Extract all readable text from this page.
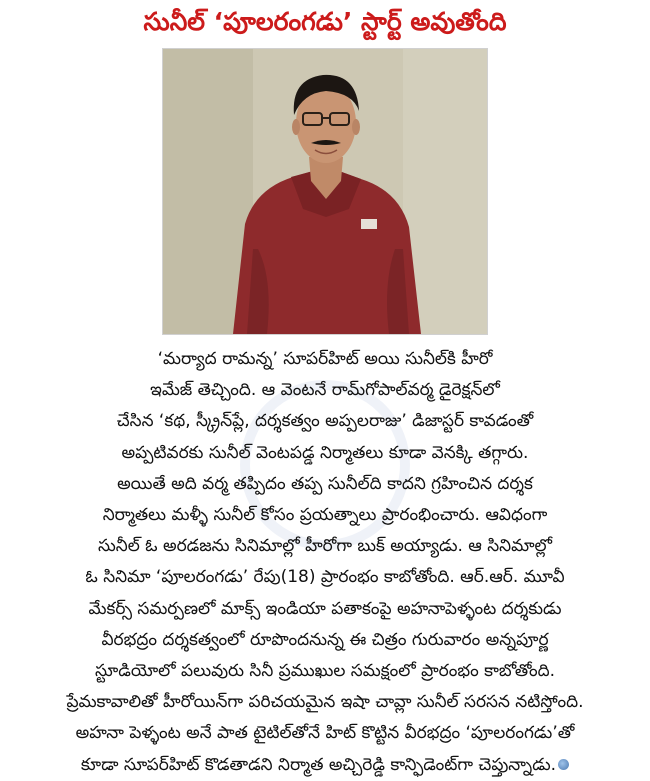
సునీల్ ‘పూలరంగడు’ స్టార్ట్ అవుతోంది
‘మర్యాద రామన్న’ సూపర్‌హిట్ అయి సునీల్‌కి హీరో
ఇమేజ్ తెచ్చింది. ఆ వెంటనే రామ్‌గోపాల్‌వర్మ డైరెక్షన్‌లో
చేసిన ‘కథ, స్క్రీన్‌ప్లే, దర్శకత్వం అప్పలరాజు’ డిజాస్టర్ కావడంతో
అప్పటివరకు సునీల్ వెంటపడ్డ నిర్మాతలు కూడా వెనక్కి తగ్గారు.
అయితే అది వర్మ తప్పిదం తప్ప సునీల్‌ది కాదని గ్రహించిన దర్శక
నిర్మాతలు మళ్ళీ సునీల్ కోసం ప్రయత్నాలు ప్రారంభించారు. ఆవిధంగా
సునీల్ ఓ అరడజను సినిమాల్లో హీరోగా బుక్ అయ్యాడు. ఆ సినిమాల్లో
ఓ సినిమా ‘పూలరంగడు’ రేపు(18) ప్రారంభం కాబోతోంది. ఆర్.ఆర్. మూవీ
మేకర్స్ సమర్పణలో మాక్స్ ఇండియా పతాకంపై అహనాపెళ్ళంట దర్శకుడు
వీరభద్రం దర్శకత్వంలో రూపొందనున్న ఈ చిత్రం గురువారం అన్నపూర్ణ
స్టూడియోలో పలువురు సినీ ప్రముఖుల సమక్షంలో ప్రారంభం కాబోతోంది.
ప్రేమకావాలితో హీరోయిన్‌గా పరిచయమైన ఇషా చావ్లా సునీల్ సరసన నటిస్తోంది.
అహనా పెళ్ళంట అనే పాత టైటిల్‌తోనే హిట్ కొట్టిన వీరభద్రం ‘పూలరంగడు’తో
కూడా సూపర్‌హిట్ కొడతాడని నిర్మాత అచ్చిరెడ్డి కాన్ఫిడెంట్‌గా చెప్తున్నాడు.
